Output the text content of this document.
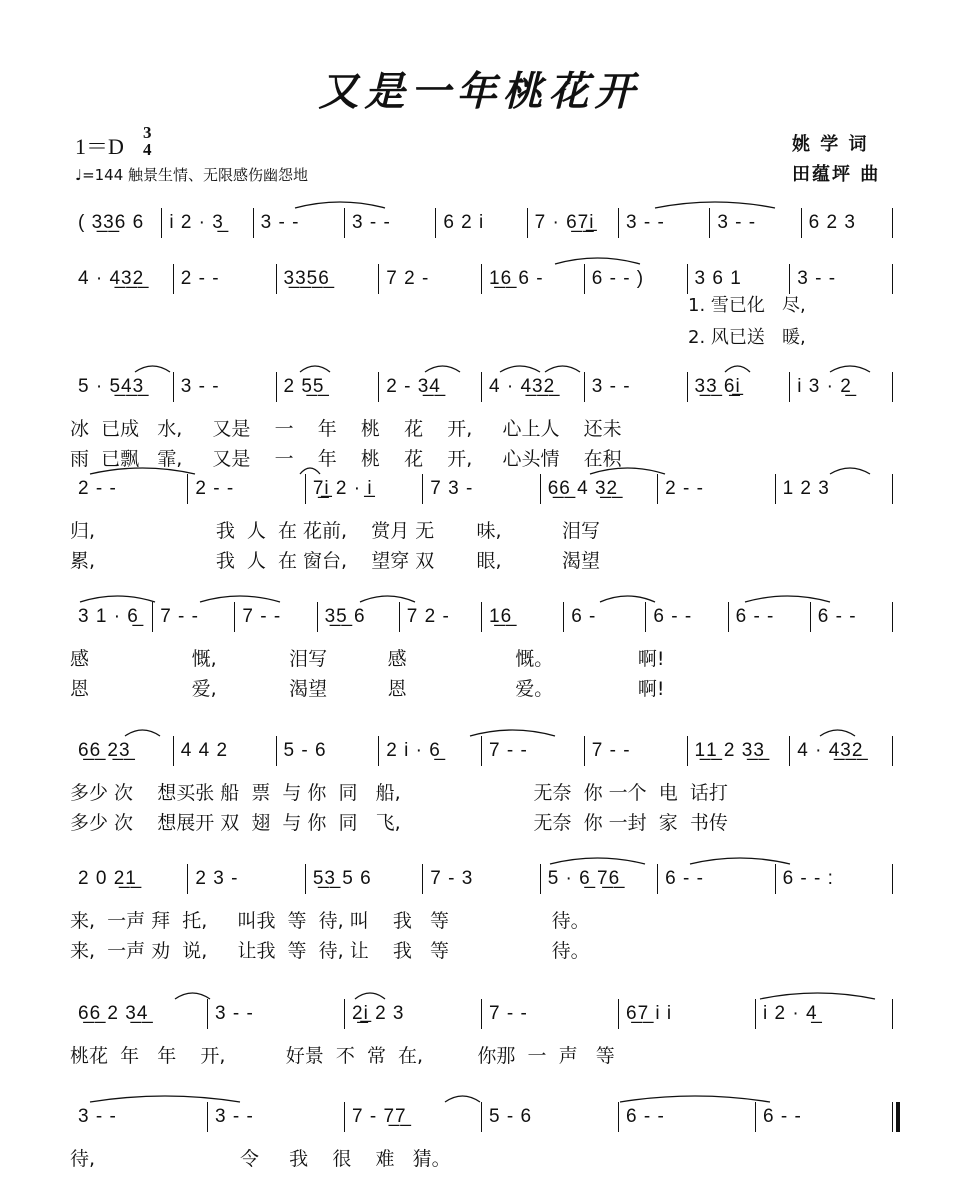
又是一年桃花开
1＝D
3
4
♩=144 触景生情、无限感伤幽怨地
姚 学 词
田蕴坪 曲
( 3̲3̲6 6 i 2 · 3̲ 3 - -	3 - -	6 2 i	7 · 6̲7̲i̲ 3 - -	3 - -	6 2 3
4 · 4̲3̲2̲ 2 - -	3̲3̲5̲6̲	7 2 -	1̲6̲ 6 -	6 - - )	3 6 1	3 - -
5 · 5̲4̲3̲ 3 - -	2 5̲5̲	2 - 3̲4̲	4 · 4̲3̲2̲ 3 - -	3̲3̲ 6̲i̲	i 3 · 2̲
冰  已成   水,     又是    一    年    桃    花    开,     心上人    还未
雨  已飘   霏,     又是    一    年    桃    花    开,     心头情    在积
2 - -	2 - -	7̲i̲ 2 · i̲	7 3 -	6̲6̲ 4 3̲2̲ 2 - -	1 2 3
归,                    我  人  在 花前,    赏月 无       味,          泪写
累,                    我  人  在 窗台,    望穿 双       眼,          渴望
3 1 · 6̲ 7 - - 7 - - 3̲5̲ 6 7 2 - 1̲6̲	6 -	6 - - 6 - - 6 - -
感                 慨,            泪写          感                  慨。              啊!
恩                 爱,            渴望          恩                  爱。              啊!
6̲6̲ 2̲3̲	4 4 2	5 - 6	2 i · 6̲	7 - -	7 - -	1̲1̲ 2 3̲3̲ 4 · 4̲3̲2̲
多少 次    想买张 船  票  与 你  同   船,                      无奈  你 一个  电  话打
多少 次    想展开 双  翅  与 你  同   飞,                      无奈  你 一封  家  书传
2 0 2̲1̲	2 3 -	5̲3̲ 5 6	7 - 3	5 · 6̲ 7̲6̲ 6 - -	6 - - :
来,  一声 拜  托,     叫我  等  待, 叫    我   等                 待。
来,  一声 劝  说,     让我  等  待, 让    我   等                 待。
6̲6̲ 2 3̲4̲	3 - -	2̲i̲ 2 3	7 - -	6̲7̲ i i	i 2 · 4̲
桃花  年   年    开,          好景  不  常  在,         你那  一  声   等
3 - -	3 - -	7 - 7̲7̲	5 - 6	6 - -	6 - -
待,                        令     我    很    难   猜。
1. 雪已化   尽,
2. 风已送   暖,
